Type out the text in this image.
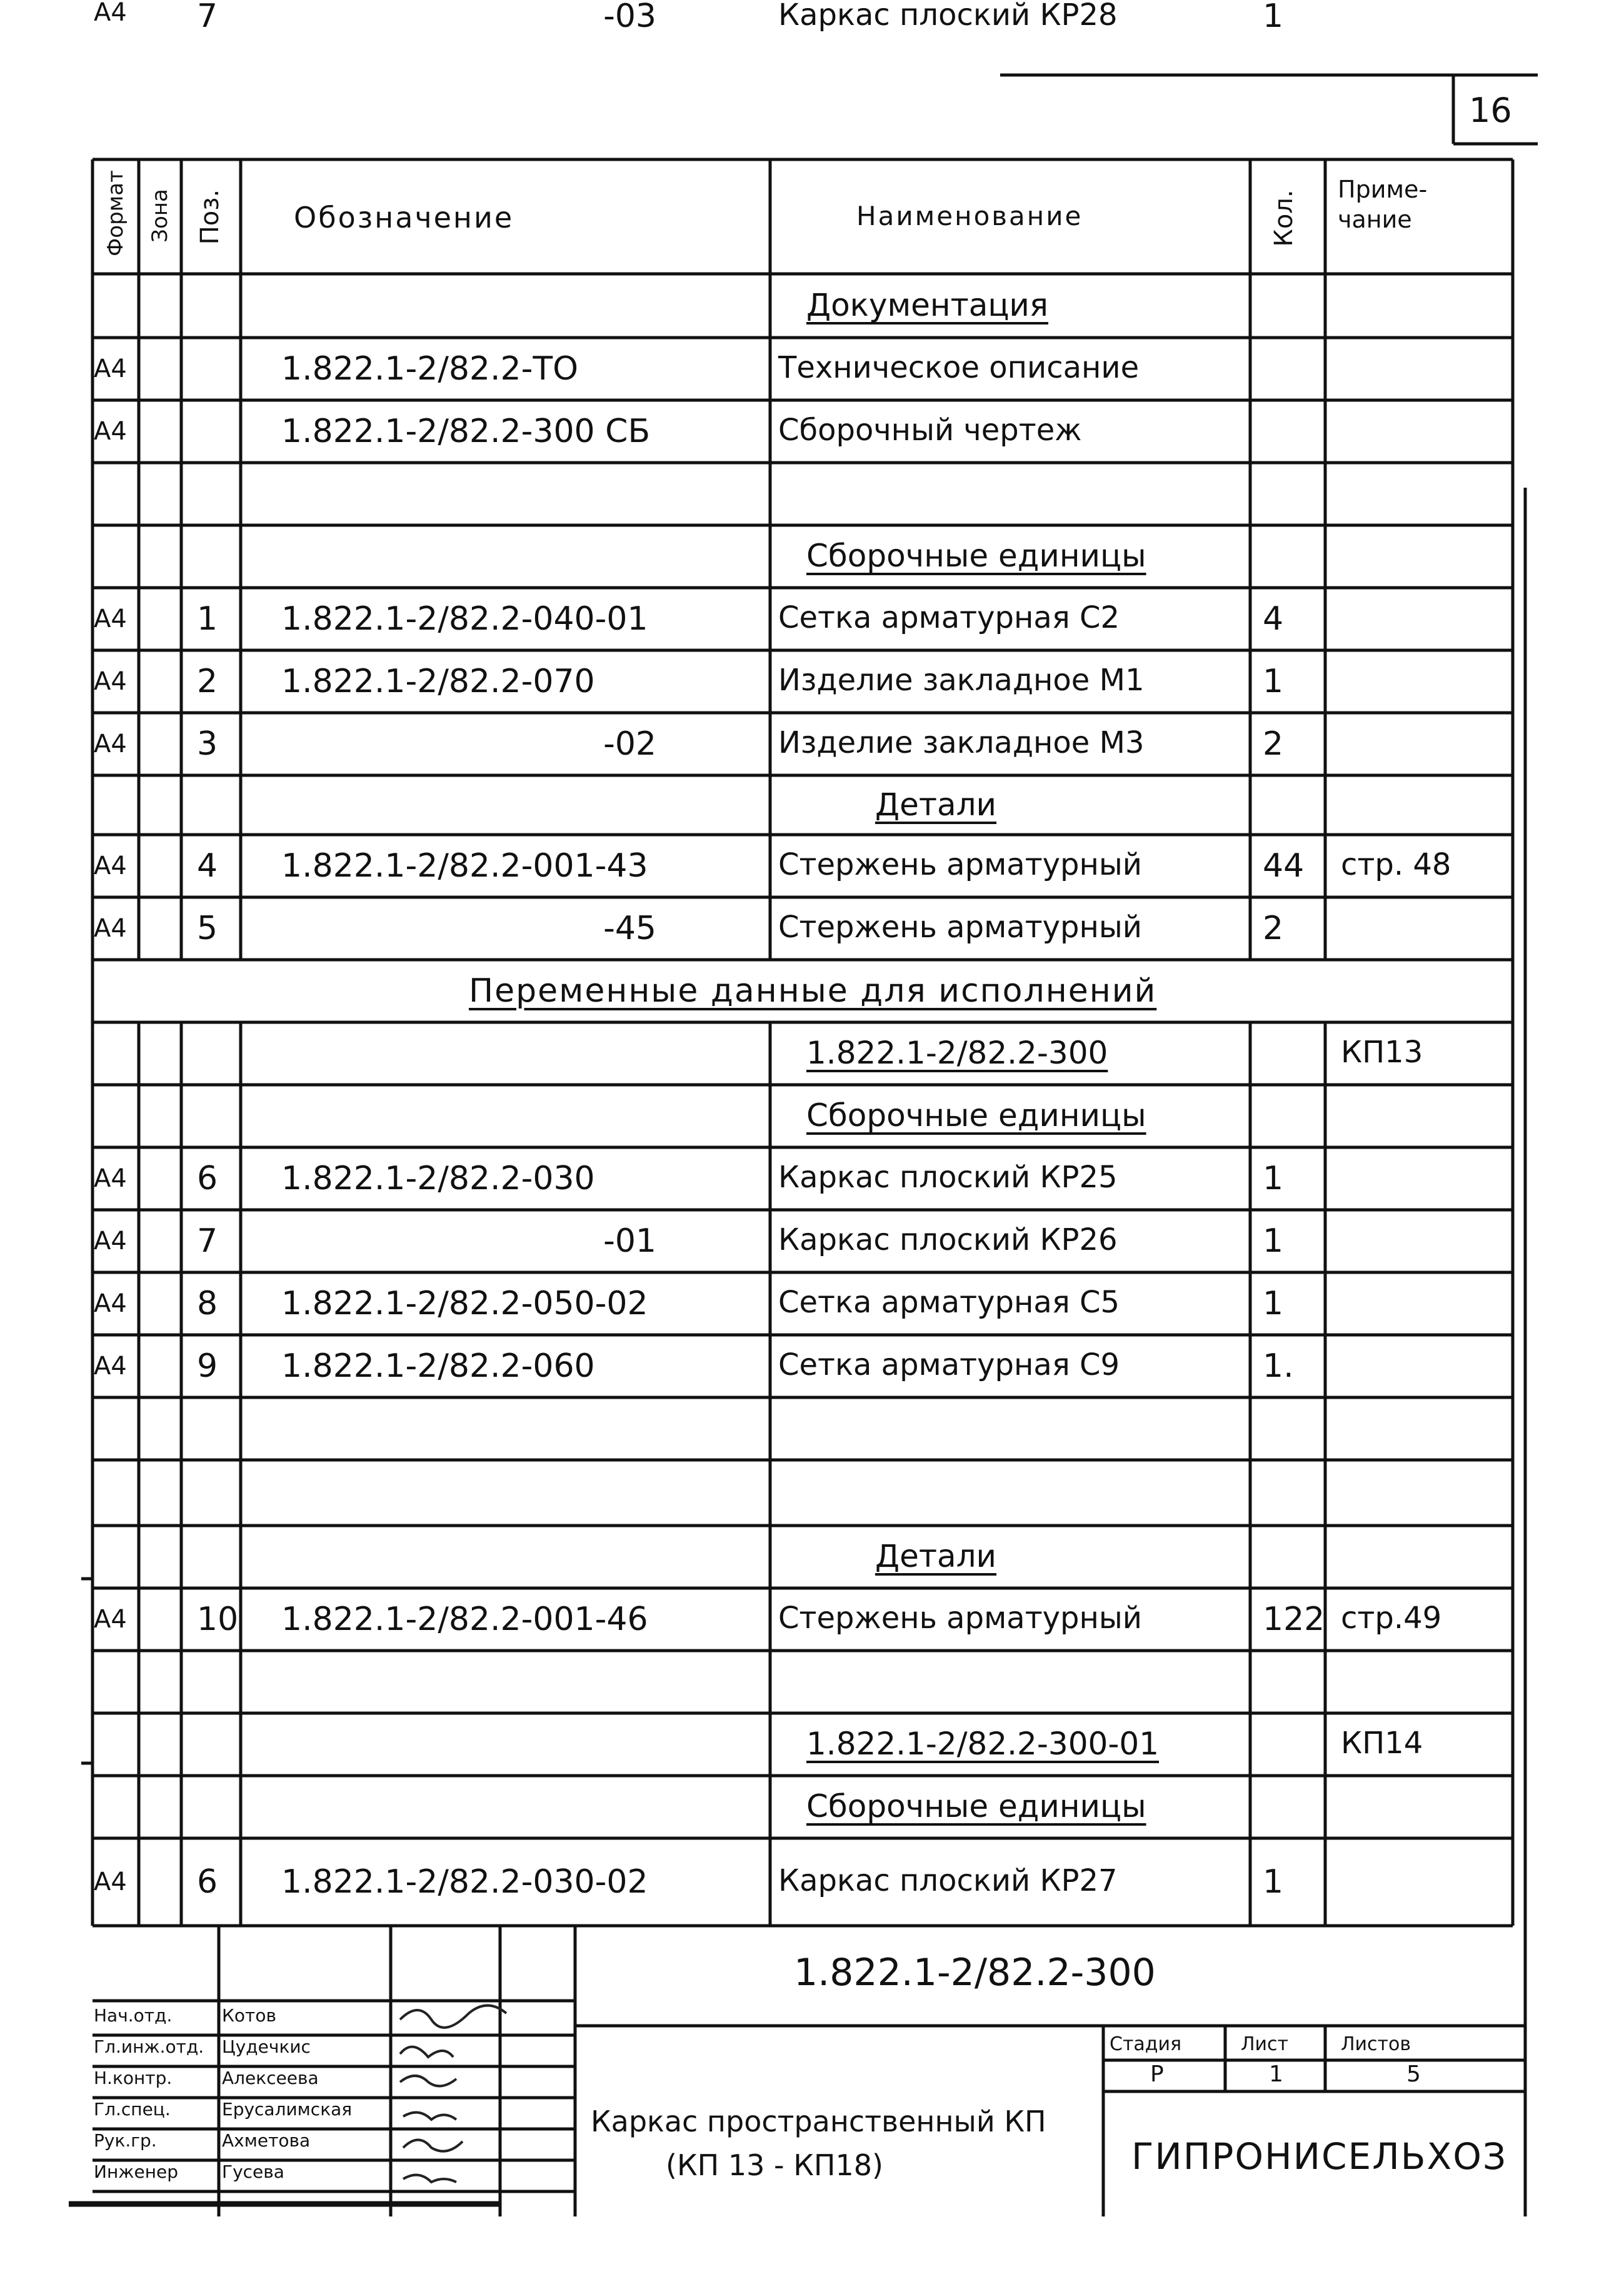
16
Формат Зона Поз. Обозначение	Наименование	Кол.
Приме-
чание
Документация
А4	1.822.1-2/82.2-ТО	Техническое описание
А4	1.822.1-2/82.2-300 СБ	Сборочный чертеж
Сборочные единицы
А4 1 1.822.1-2/82.2-040-01	Сетка арматурная С2	4
А4 2 1.822.1-2/82.2-070	Изделие закладное М1	1
А4 3	-02	Изделие закладное М3	2
Детали
А4 4 1.822.1-2/82.2-001-43	Стержень арматурный	44 стр. 48
А4 5	-45	Стержень арматурный	2
Переменные данные для исполнений
1.822.1-2/82.2-300	КП13
Сборочные единицы
А4 6 1.822.1-2/82.2-030	Каркас плоский КР25	1
А4 7	-01	Каркас плоский КР26	1
А4 8 1.822.1-2/82.2-050-02	Сетка арматурная С5	1
А4 9 1.822.1-2/82.2-060	Сетка арматурная С9	1.
Детали
А4 10 1.822.1-2/82.2-001-46	Стержень арматурный	122 стр.49
1.822.1-2/82.2-300-01	КП14
Сборочные единицы
А4 6 1.822.1-2/82.2-030-02	Каркас плоский КР27	1
А4 7	-03	Каркас плоский КР28	1
1.822.1-2/82.2-300
Каркас пространственный КП
(КП 13 - КП18)
Стадия	Лист	Листов
Р	1	5
ГИПРОНИСЕЛЬХОЗ
Нач.отд.	Котов
Гл.инж.отд. Цудечкис
Н.контр.	Алексеева
Гл.спец.	Ерусалимская
Рук.гр.	Ахметова
Инженер Гусева
